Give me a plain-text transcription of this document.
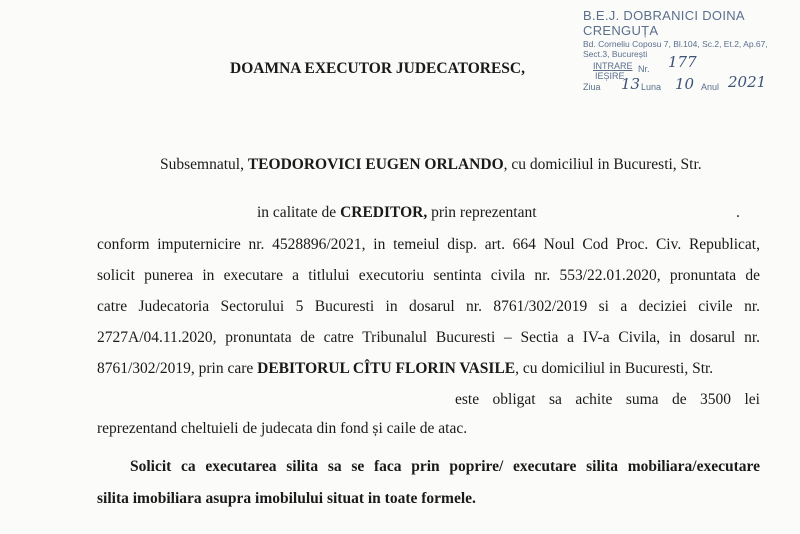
B.E.J. DOBRANICI DOINA CRENGUȚA
Bd. Corneliu Coposu 7, Bl.104, Sc.2, Et.2, Ap.67, Sect.3, București
INTRARE
IEȘIRE
Nr. 177
Ziua 13 Luna 10 Anul 2021
DOAMNA EXECUTOR JUDECATORESC,
Subsemnatul, TEODOROVICI EUGEN ORLANDO, cu domiciliul in Bucuresti, Str.
in calitate de CREDITOR, prin reprezentant	.
conform imputernicire nr. 4528896/2021, in temeiul disp. art. 664 Noul Cod Proc. Civ. Republicat,
solicit punerea in executare a titlului executoriu sentinta civila nr. 553/22.01.2020, pronuntata de
catre Judecatoria Sectorului 5 Bucuresti in dosarul nr. 8761/302/2019 si a deciziei civile nr.
2727A/04.11.2020, pronuntata de catre Tribunalul Bucuresti – Sectia a IV-a Civila, in dosarul nr.
8761/302/2019, prin care DEBITORUL CÎTU FLORIN VASILE, cu domiciliul in Bucuresti, Str.
este obligat sa achite suma de 3500 lei
reprezentand cheltuieli de judecata din fond și caile de atac.
Solicit ca executarea silita sa se faca prin poprire/ executare silita mobiliara/executare
silita imobiliara asupra imobilului situat in toate formele.
